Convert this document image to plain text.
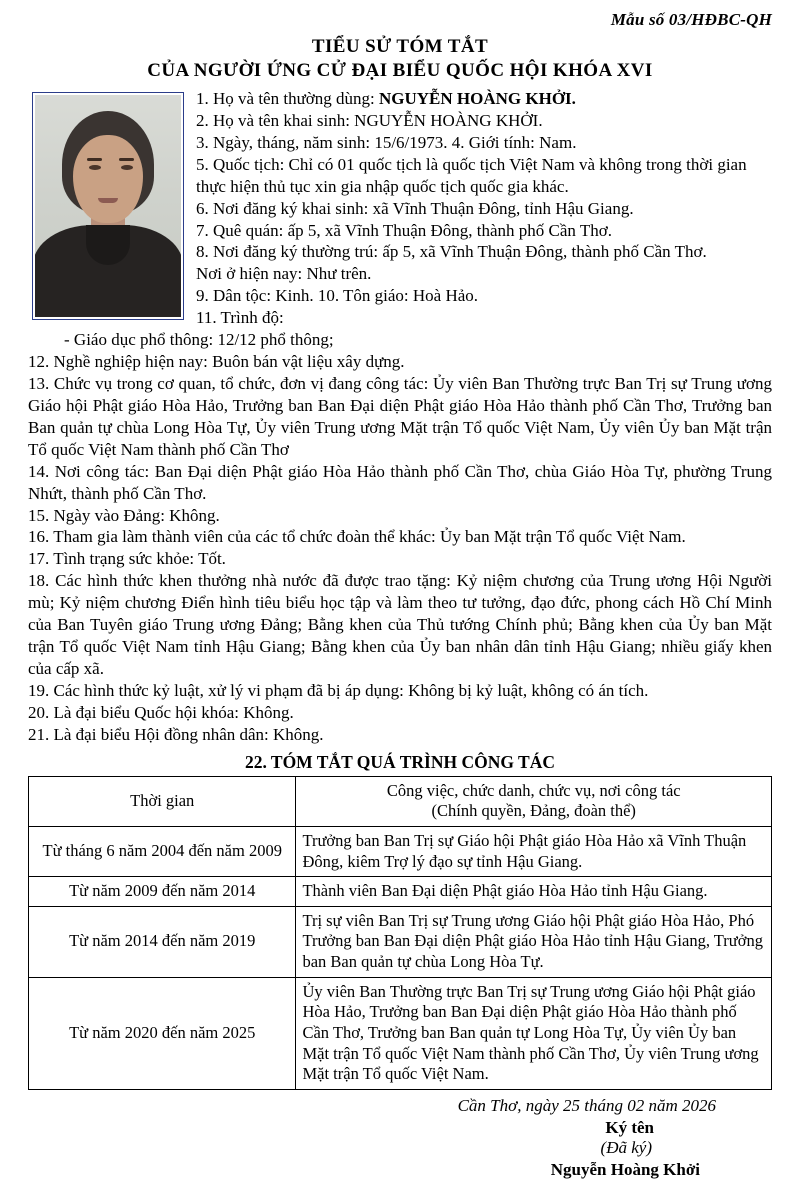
Mẫu số 03/HĐBC-QH
TIỂU SỬ TÓM TẮT
CỦA NGƯỜI ỨNG CỬ ĐẠI BIỂU QUỐC HỘI KHÓA XVI

1. Họ và tên thường dùng: NGUYỄN HOÀNG KHỞI.

2. Họ và tên khai sinh: NGUYỄN HOÀNG KHỞI.

3. Ngày, tháng, năm sinh: 15/6/1973. 4. Giới tính: Nam.

5. Quốc tịch: Chỉ có 01 quốc tịch là quốc tịch Việt Nam và không trong thời gian

thực hiện thủ tục xin gia nhập quốc tịch quốc gia khác.

6. Nơi đăng ký khai sinh: xã Vĩnh Thuận Đông, tỉnh Hậu Giang.

7. Quê quán: ấp 5, xã Vĩnh Thuận Đông, thành phố Cần Thơ.

8. Nơi đăng ký thường trú: ấp 5, xã Vĩnh Thuận Đông, thành phố Cần Thơ.

Nơi ở hiện nay: Như trên.

9. Dân tộc: Kinh. 10. Tôn giáo: Hoà Hảo.

11. Trình độ:

- Giáo dục phổ thông: 12/12 phổ thông;

12. Nghề nghiệp hiện nay: Buôn bán vật liệu xây dựng.

13. Chức vụ trong cơ quan, tổ chức, đơn vị đang công tác: Ủy viên Ban Thường trực Ban Trị sự Trung ương Giáo hội Phật giáo Hòa Hảo, Trưởng ban Ban Đại diện Phật giáo Hòa Hảo thành phố Cần Thơ, Trưởng ban Ban quản tự chùa Long Hòa Tự, Ủy viên Trung ương Mặt trận Tổ quốc Việt Nam, Ủy viên Ủy ban Mặt trận Tổ quốc Việt Nam thành phố Cần Thơ

14. Nơi công tác: Ban Đại diện Phật giáo Hòa Hảo thành phố Cần Thơ, chùa Giáo Hòa Tự, phường Trung Nhứt, thành phố Cần Thơ.

15. Ngày vào Đảng: Không.

16. Tham gia làm thành viên của các tổ chức đoàn thể khác: Ủy ban Mặt trận Tổ quốc Việt Nam.

17. Tình trạng sức khỏe: Tốt.

18. Các hình thức khen thưởng nhà nước đã được trao tặng: Kỷ niệm chương của Trung ương Hội Người mù; Kỷ niệm chương Điển hình tiêu biểu học tập và làm theo tư tưởng, đạo đức, phong cách Hồ Chí Minh của Ban Tuyên giáo Trung ương Đảng; Bằng khen của Thủ tướng Chính phủ; Bằng khen của Ủy ban Mặt trận Tổ quốc Việt Nam tỉnh Hậu Giang; Bằng khen của Ủy ban nhân dân tỉnh Hậu Giang; nhiều giấy khen của cấp xã.

19. Các hình thức kỷ luật, xử lý vi phạm đã bị áp dụng: Không bị kỷ luật, không có án tích.

20. Là đại biểu Quốc hội khóa: Không.

21. Là đại biểu Hội đồng nhân dân: Không.

22. TÓM TẮT QUÁ TRÌNH CÔNG TÁC
Thời gian	Công việc, chức danh, chức vụ, nơi công tác
(Chính quyền, Đảng, đoàn thể)

Từ tháng 6 năm 2004 đến năm 2009	Trưởng ban Ban Trị sự Giáo hội Phật giáo Hòa Hảo xã Vĩnh Thuận Đông, kiêm Trợ lý đạo sự tỉnh Hậu Giang.
Từ năm 2009 đến năm 2014	Thành viên Ban Đại diện Phật giáo Hòa Hảo tỉnh Hậu Giang.
Từ năm 2014 đến năm 2019	Trị sự viên Ban Trị sự Trung ương Giáo hội Phật giáo Hòa Hảo, Phó Trưởng ban Ban Đại diện Phật giáo Hòa Hảo tỉnh Hậu Giang, Trưởng ban Ban quản tự chùa Long Hòa Tự.
Từ năm 2020 đến năm 2025	Ủy viên Ban Thường trực Ban Trị sự Trung ương Giáo hội Phật giáo Hòa Hảo, Trưởng ban Ban Đại diện Phật giáo Hòa Hảo thành phố Cần Thơ, Trưởng ban Ban quản tự Long Hòa Tự, Ủy viên Ủy ban Mặt trận Tổ quốc Việt Nam thành phố Cần Thơ, Ủy viên Trung ương Mặt trận Tổ quốc Việt Nam.
Cần Thơ, ngày 25 tháng 02 năm 2026
Ký tên
(Đã ký)
Nguyễn Hoàng Khởi
